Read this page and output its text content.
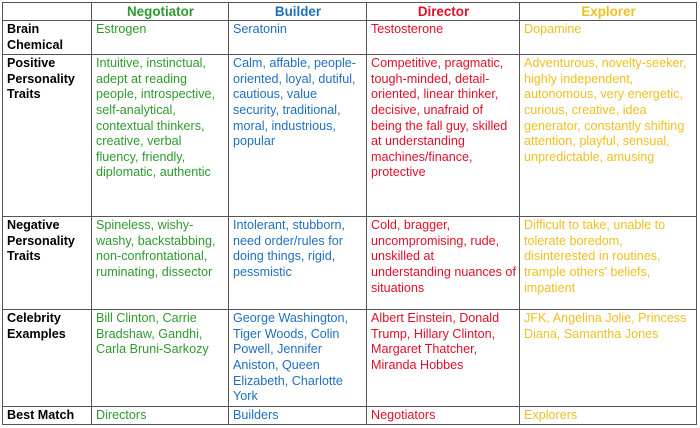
	Negotiator	Builder	Director	Explorer
Brain Chemical	Estrogen	Seratonin	Testosterone	Dopamine
Positive Personality Traits	Intuitive, instinctual, adept at reading people, introspective, self-analytical, contextual thinkers, creative, verbal fluency, friendly, diplomatic, authentic	Calm, affable, people-oriented, loyal, dutiful, cautious, value security, traditional, moral, industrious, popular	Competitive, pragmatic, tough-minded, detail-oriented, linear thinker, decisive, unafraid of being the fall guy, skilled at understanding machines/finance, protective	Adventurous, novelty-seeker, highly independent, autonomous, very energetic, curious, creative, idea generator, constantly shifting attention, playful, sensual, unpredictable, amusing
Negative Personality Traits	Spineless, wishy-washy, backstabbing, non-confrontational, ruminating, dissector	Intolerant, stubborn, need order/rules for doing things, rigid, pessmistic	Cold, bragger, uncompromising, rude, unskilled at understanding nuances of situations	Difficult to take, unable to tolerate boredom, disinterested in routines, trample others' beliefs, impatient
Celebrity Examples	Bill Clinton, Carrie Bradshaw, Gandhi, Carla Bruni-Sarkozy	George Washington, Tiger Woods, Colin Powell, Jennifer Aniston, Queen Elizabeth, Charlotte York	Albert Einstein, Donald Trump, Hillary Clinton, Margaret Thatcher, Miranda Hobbes	JFK, Angelina Jolie, Princess Diana, Samantha Jones
Best Match	Directors	Builders	Negotiators	Explorers
